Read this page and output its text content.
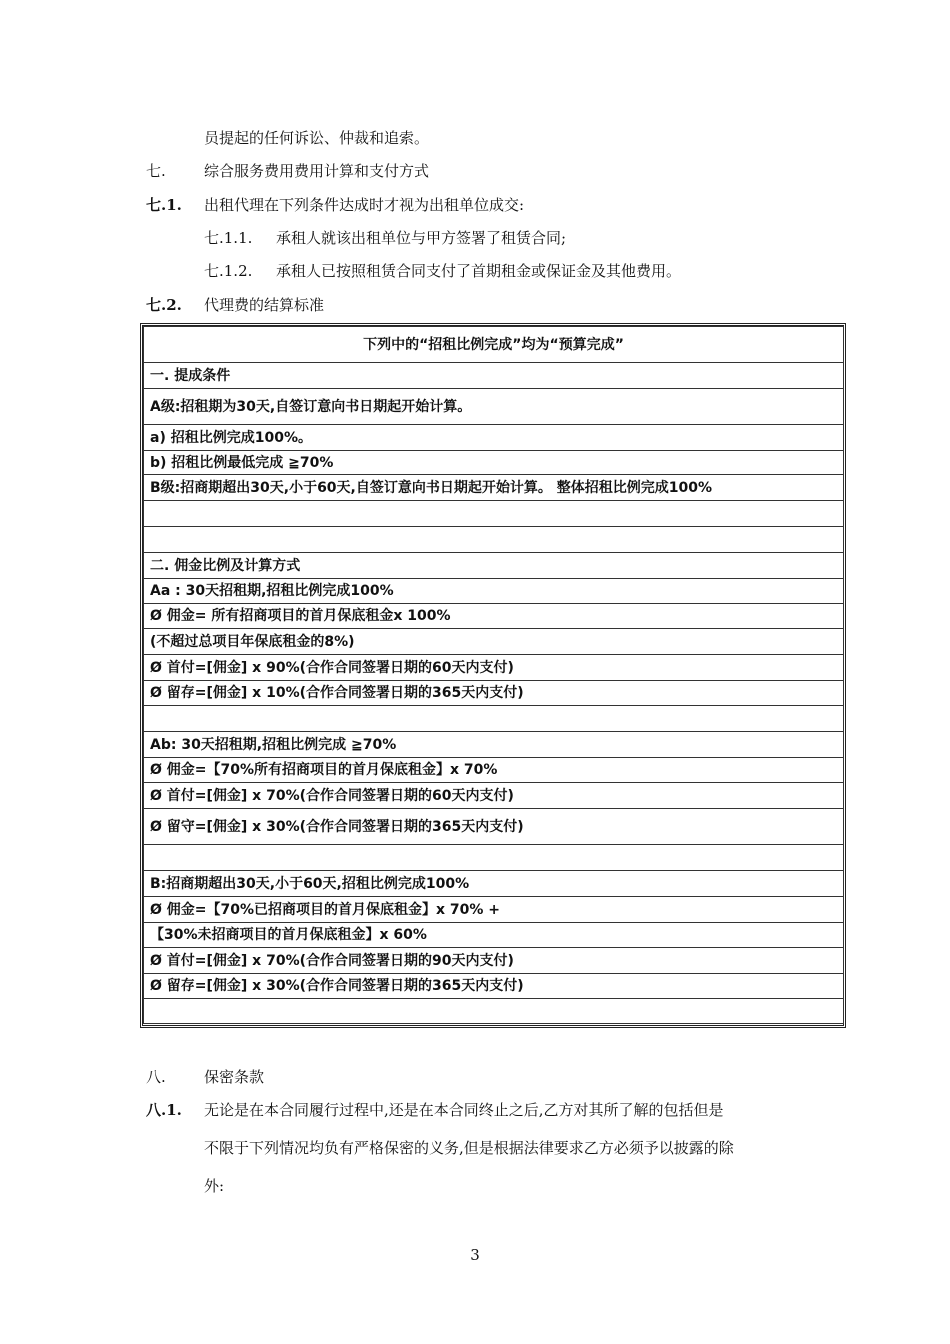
员提起的任何诉讼、仲裁和追索。
七.	综合服务费用费用计算和支付方式
七.1. 出租代理在下列条件达成时才视为出租单位成交:
七.1.1. 承租人就该出租单位与甲方签署了租赁合同;
七.1.2. 承租人已按照租赁合同支付了首期租金或保证金及其他费用。
七.2. 代理费的结算标准
下列中的“招租比例完成”均为“预算完成”
一. 提成条件
A级:招租期为30天,自签订意向书日期起开始计算。
a) 招租比例完成100%。
b) 招租比例最低完成 ≧70%
B级:招商期超出30天,小于60天,自签订意向书日期起开始计算。 整体招租比例完成100%

二. 佣金比例及计算方式
Aa : 30天招租期,招租比例完成100%
Ø 佣金= 所有招商项目的首月保底租金x 100%
(不超过总项目年保底租金的8%)
Ø 首付=[佣金] x 90%(合作合同签署日期的60天内支付)
Ø 留存=[佣金] x 10%(合作合同签署日期的365天内支付)

Ab: 30天招租期,招租比例完成 ≧70%
Ø 佣金=【70%所有招商项目的首月保底租金】x 70%
Ø 首付=[佣金] x 70%(合作合同签署日期的60天内支付)
Ø 留守=[佣金] x 30%(合作合同签署日期的365天内支付)

B:招商期超出30天,小于60天,招租比例完成100%
Ø 佣金=【70%已招商项目的首月保底租金】x 70% +
【30%未招商项目的首月保底租金】x 60%
Ø 首付=[佣金] x 70%(合作合同签署日期的90天内支付)
Ø 留存=[佣金] x 30%(合作合同签署日期的365天内支付)

八.	保密条款
八.1. 无论是在本合同履行过程中,还是在本合同终止之后,乙方对其所了解的包括但是
不限于下列情况均负有严格保密的义务,但是根据法律要求乙方必须予以披露的除
外:
3
